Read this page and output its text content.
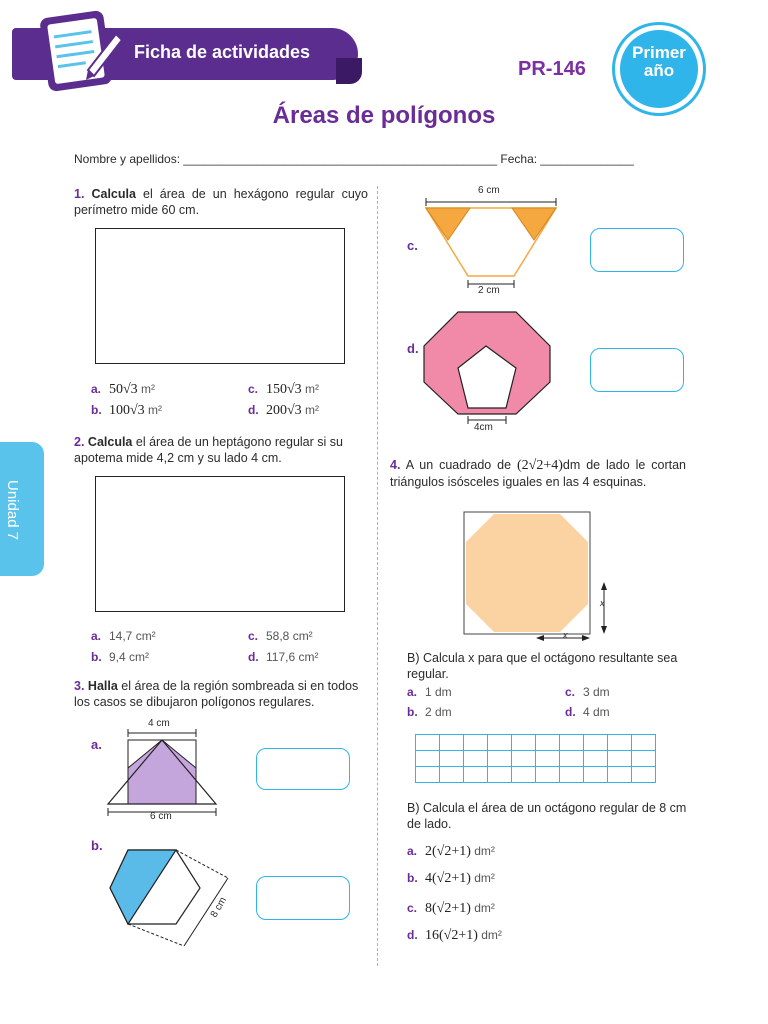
Ficha de actividades
PR-146
Primer
año
Áreas de polígonos
Nombre y apellidos: _______________________________________________ Fecha: ______________
Unidad 7
1. Calcula el área de un hexágono regular cuyo perímetro mide 60 cm.
a. 50√3 m²	c. 150√3 m²
b. 100√3 m²	d. 200√3 m²
2. Calcula el área de un heptágono regular si su apotema mide 4,2 cm y su lado 4 cm.
a. 14,7 cm²	c. 58,8 cm²
b. 9,4 cm²	d. 117,6 cm²
3. Halla el área de la región sombreada si en todos los casos se dibujaron polígonos regulares.
a.
4 cm
6 cm
b.
8 cm
6 cm
c.
2 cm
d.
4cm
4. A un cuadrado de (2√2+4)dm de lado le cortan triángulos isósceles iguales en las 4 esquinas.
x
x
B) Calcula x para que el octágono resultante sea regular.
a. 1 dm	c. 3 dm
b. 2 dm	d. 4 dm

B) Calcula el área de un octágono regular de 8 cm de lado.
a. 2(√2+1) dm²
b. 4(√2+1) dm²
c. 8(√2+1) dm²
d. 16(√2+1) dm²
